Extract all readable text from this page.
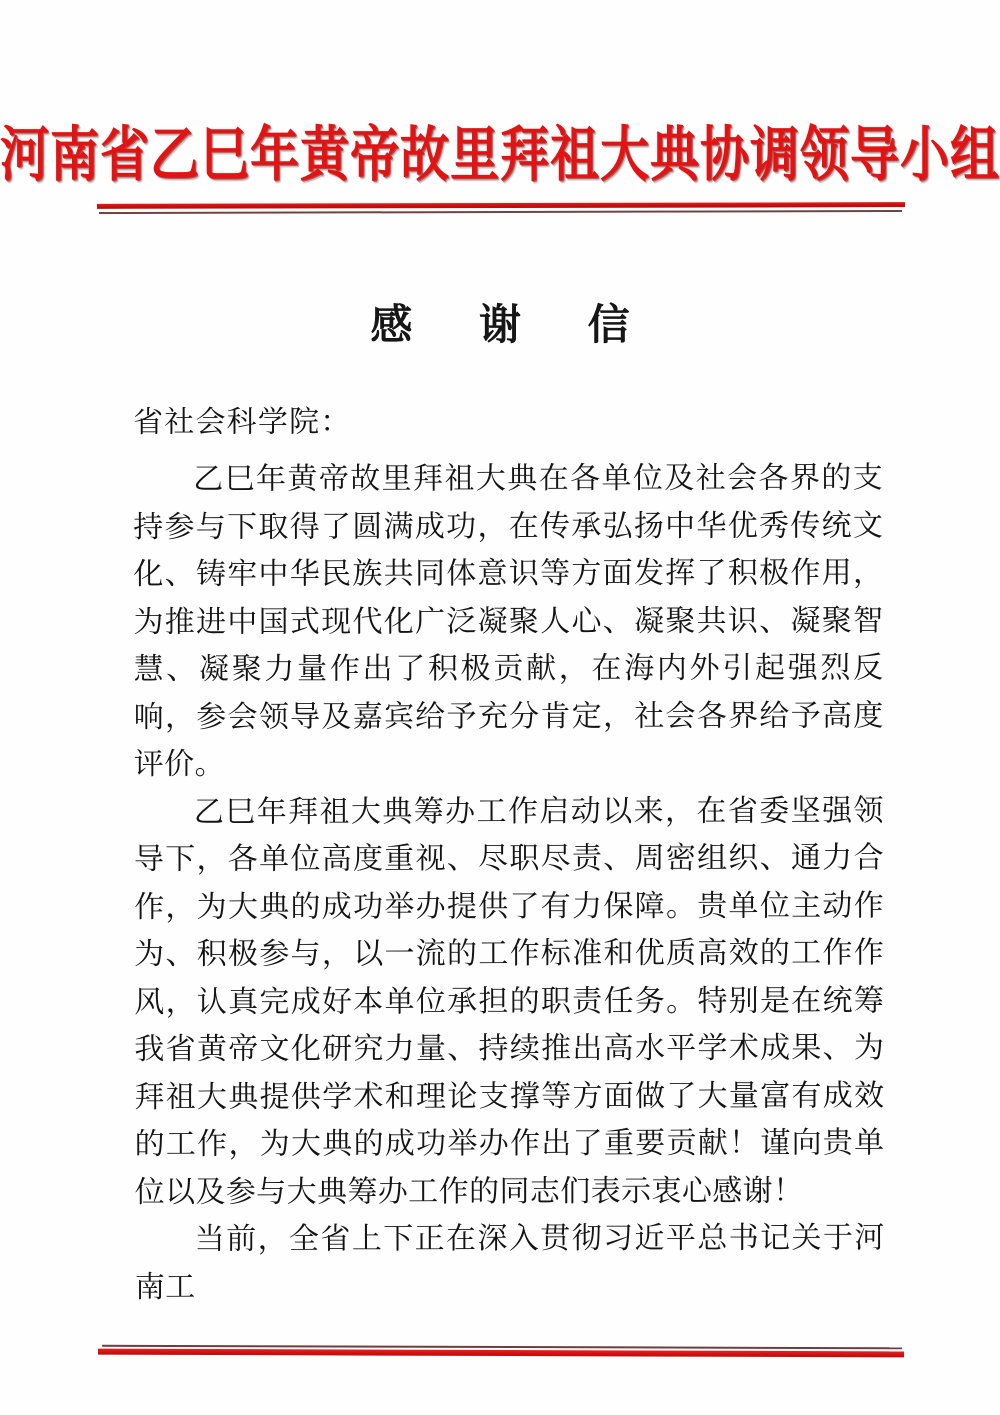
河南省乙巳年黄帝故里拜祖大典协调领导小组
感 谢 信
省社会科学院：

乙巳年黄帝故里拜祖大典在各单位及社会各界的支持参与下取得了圆满成功，在传承弘扬中华优秀传统文化、铸牢中华民族共同体意识等方面发挥了积极作用，为推进中国式现代化广泛凝聚人心、凝聚共识、凝聚智慧、凝聚力量作出了积极贡献，在海内外引起强烈反响，参会领导及嘉宾给予充分肯定，社会各界给予高度评价。

乙巳年拜祖大典筹办工作启动以来，在省委坚强领导下，各单位高度重视、尽职尽责、周密组织、通力合作，为大典的成功举办提供了有力保障。贵单位主动作为、积极参与，以一流的工作标准和优质高效的工作作风，认真完成好本单位承担的职责任务。特别是在统筹我省黄帝文化研究力量、持续推出高水平学术成果、为拜祖大典提供学术和理论支撑等方面做了大量富有成效的工作，为大典的成功举办作出了重要贡献！谨向贵单位以及参与大典筹办工作的同志们表示衷心感谢！

当前，全省上下正在深入贯彻习近平总书记关于河南工
